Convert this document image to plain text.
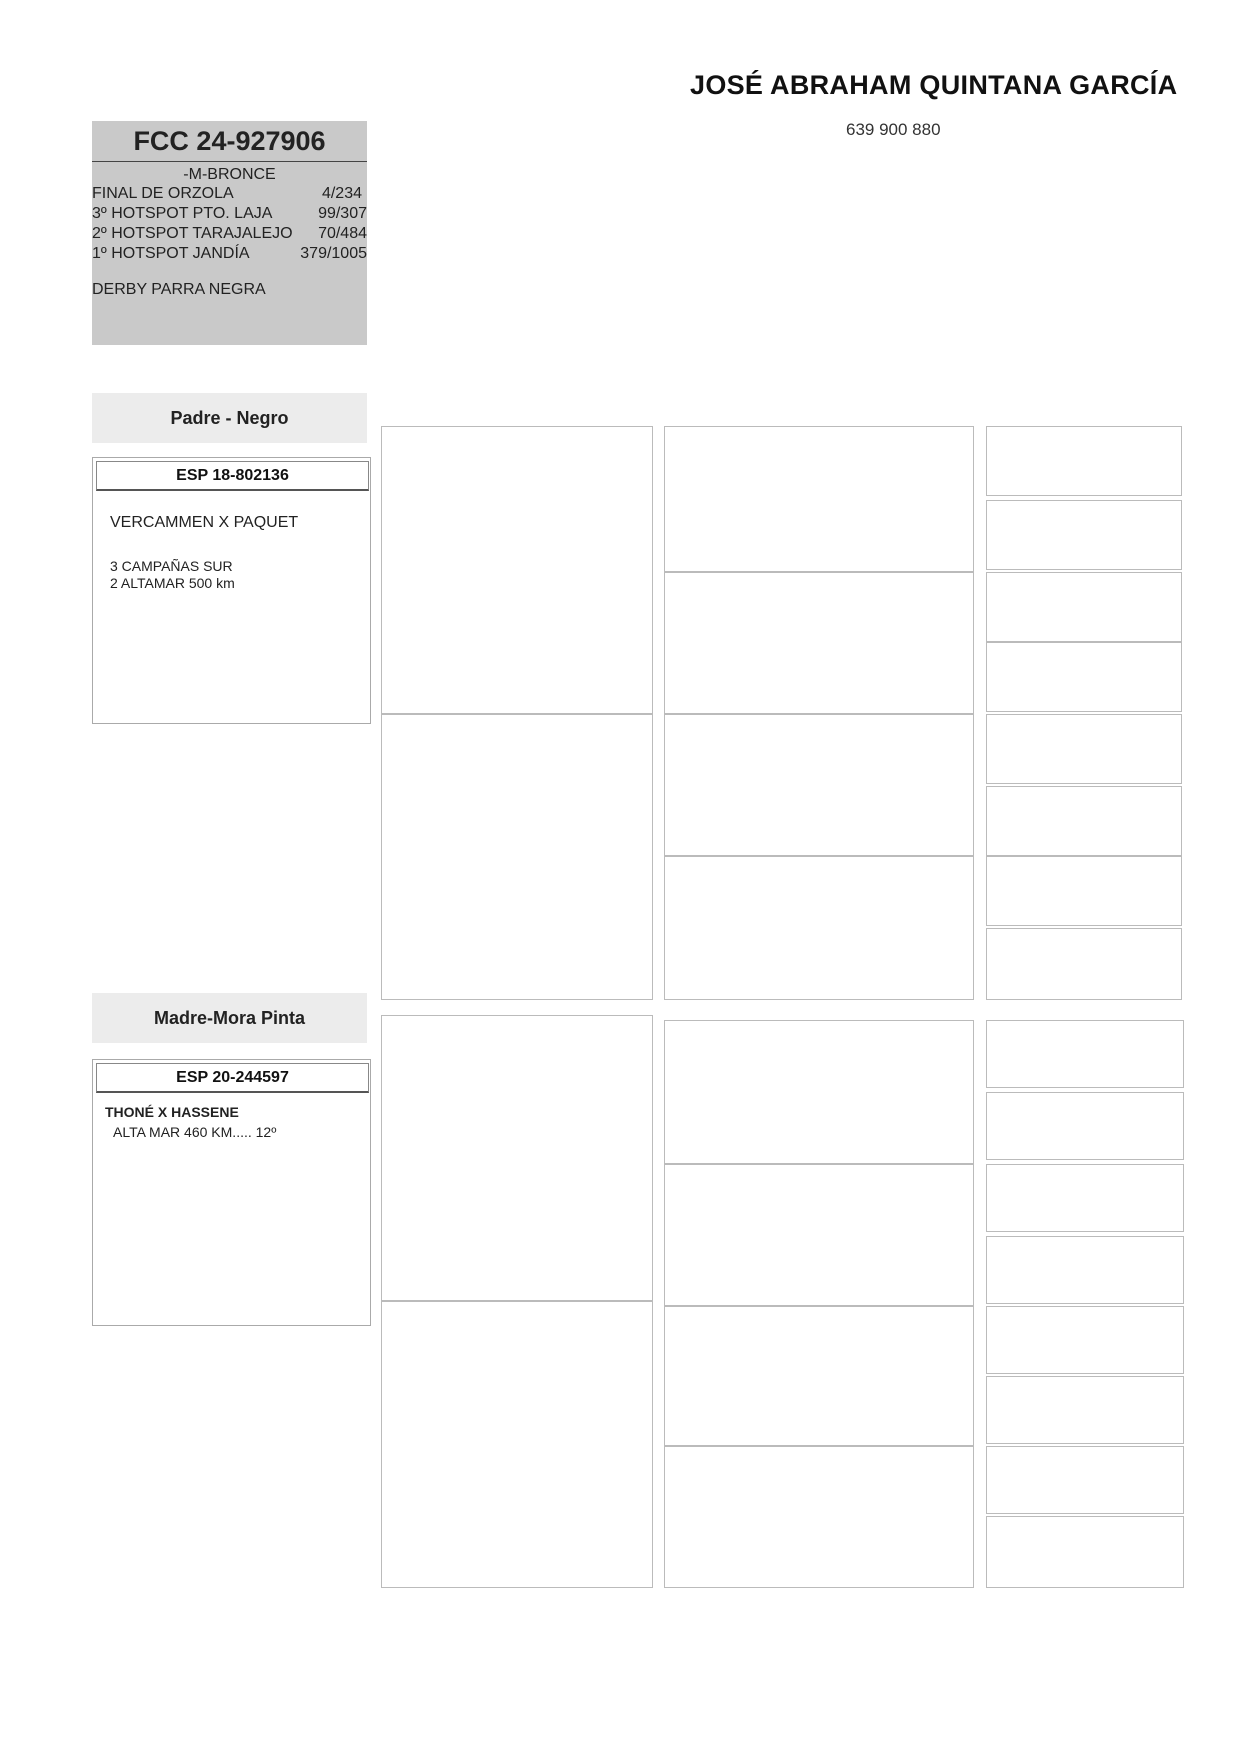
JOSÉ ABRAHAM QUINTANA GARCÍA
639 900 880
FCC 24-927906
-M-BRONCE
FINAL DE ORZOLA	4/234
3º HOTSPOT PTO. LAJA	99/307
2º HOTSPOT TARAJALEJO 70/484
1º HOTSPOT JANDÍA	379/1005
DERBY PARRA NEGRA
Padre - Negro
ESP 18-802136
VERCAMMEN X PAQUET
3 CAMPAÑAS SUR
2 ALTAMAR 500 km
Madre-Mora Pinta
ESP 20-244597
THONÉ X HASSENE
ALTA MAR 460 KM..... 12º
